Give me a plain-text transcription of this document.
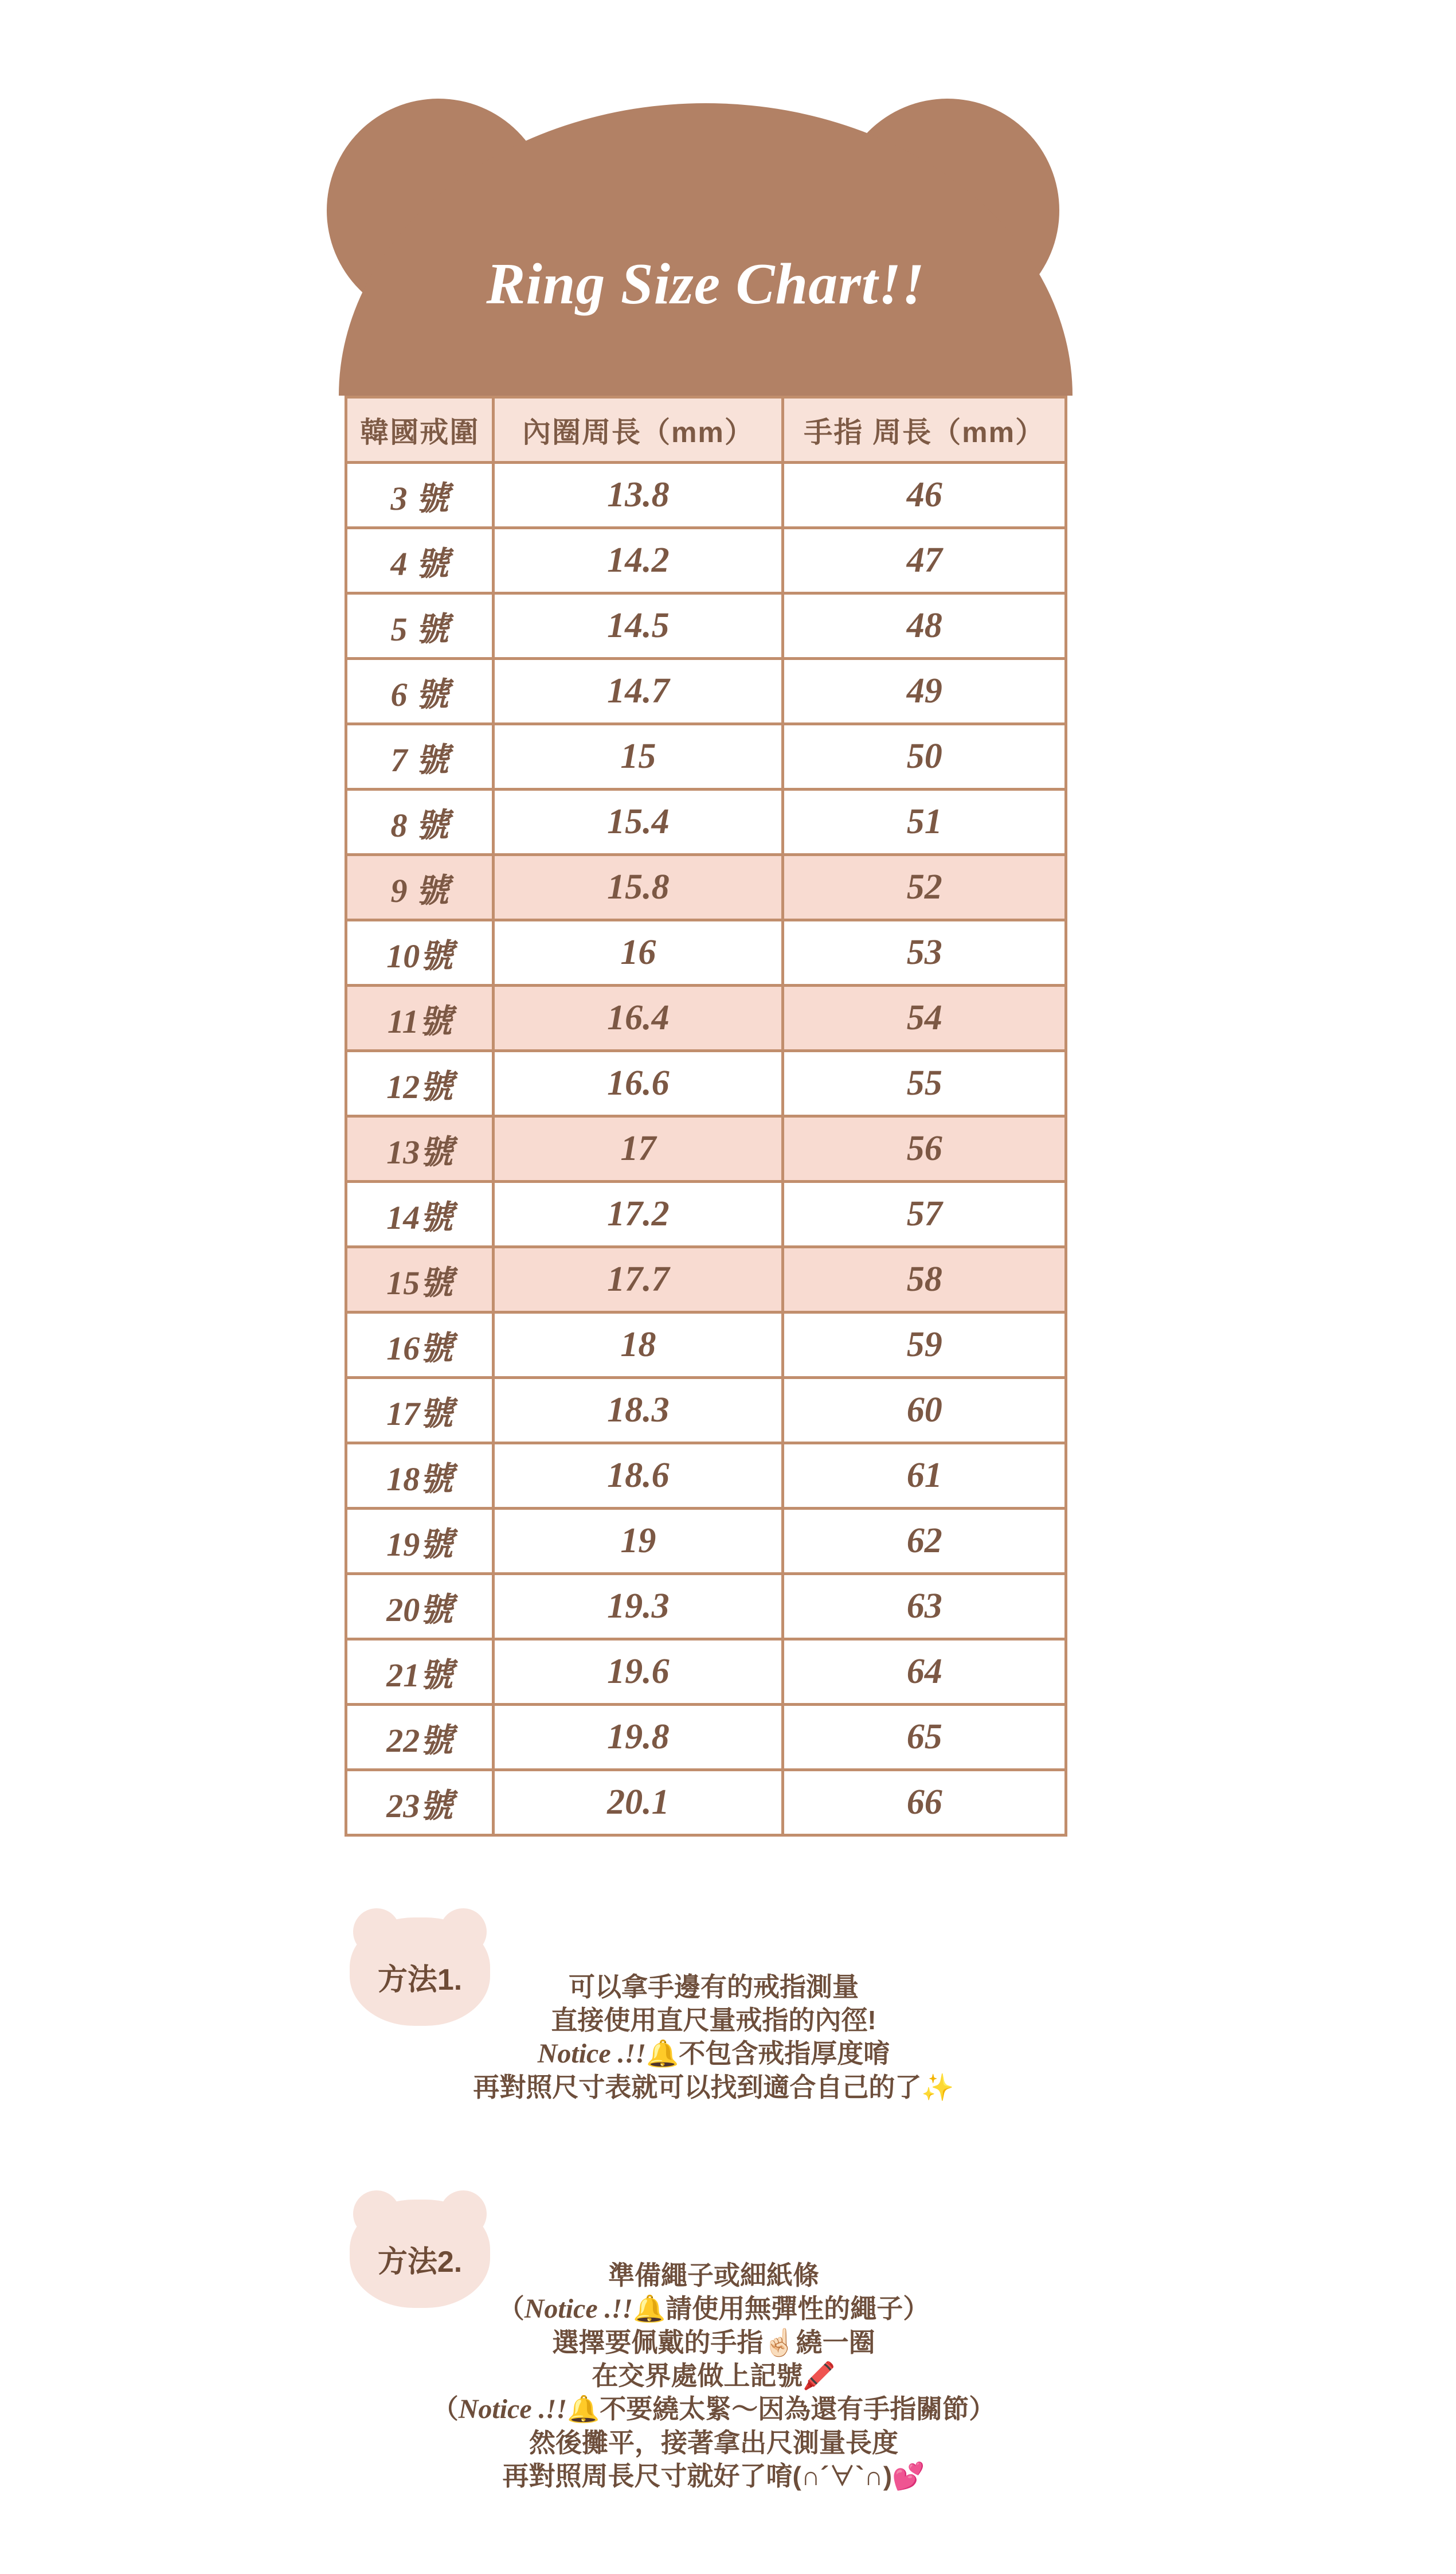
Ring Size Chart!!
韓國戒圍	內圈周長（mm）	手指 周長（mm）
3 號	13.8	46
4 號	14.2	47
5 號	14.5	48
6 號	14.7	49
7 號	15	50
8 號	15.4	51
9 號	15.8	52
10號	16	53
11號	16.4	54
12號	16.6	55
13號	17	56
14號	17.2	57
15號	17.7	58
16號	18	59
17號	18.3	60
18號	18.6	61
19號	19	62
20號	19.3	63
21號	19.6	64
22號	19.8	65
23號	20.1	66
方法1.	可以拿手邊有的戒指測量
直接使用直尺量戒指的內徑!
Notice .!!🔔不包含戒指厚度唷
再對照尺寸表就可以找到適合自己的了✨
方法2.	準備繩子或細紙條
（Notice .!!🔔請使用無彈性的繩子）
選擇要佩戴的手指☝🏻繞一圈
在交界處做上記號🖍️
（Notice .!!🔔不要繞太緊～因為還有手指關節）
然後攤平，接著拿出尺測量長度
再對照周長尺寸就好了唷(∩´∀`∩)💕
